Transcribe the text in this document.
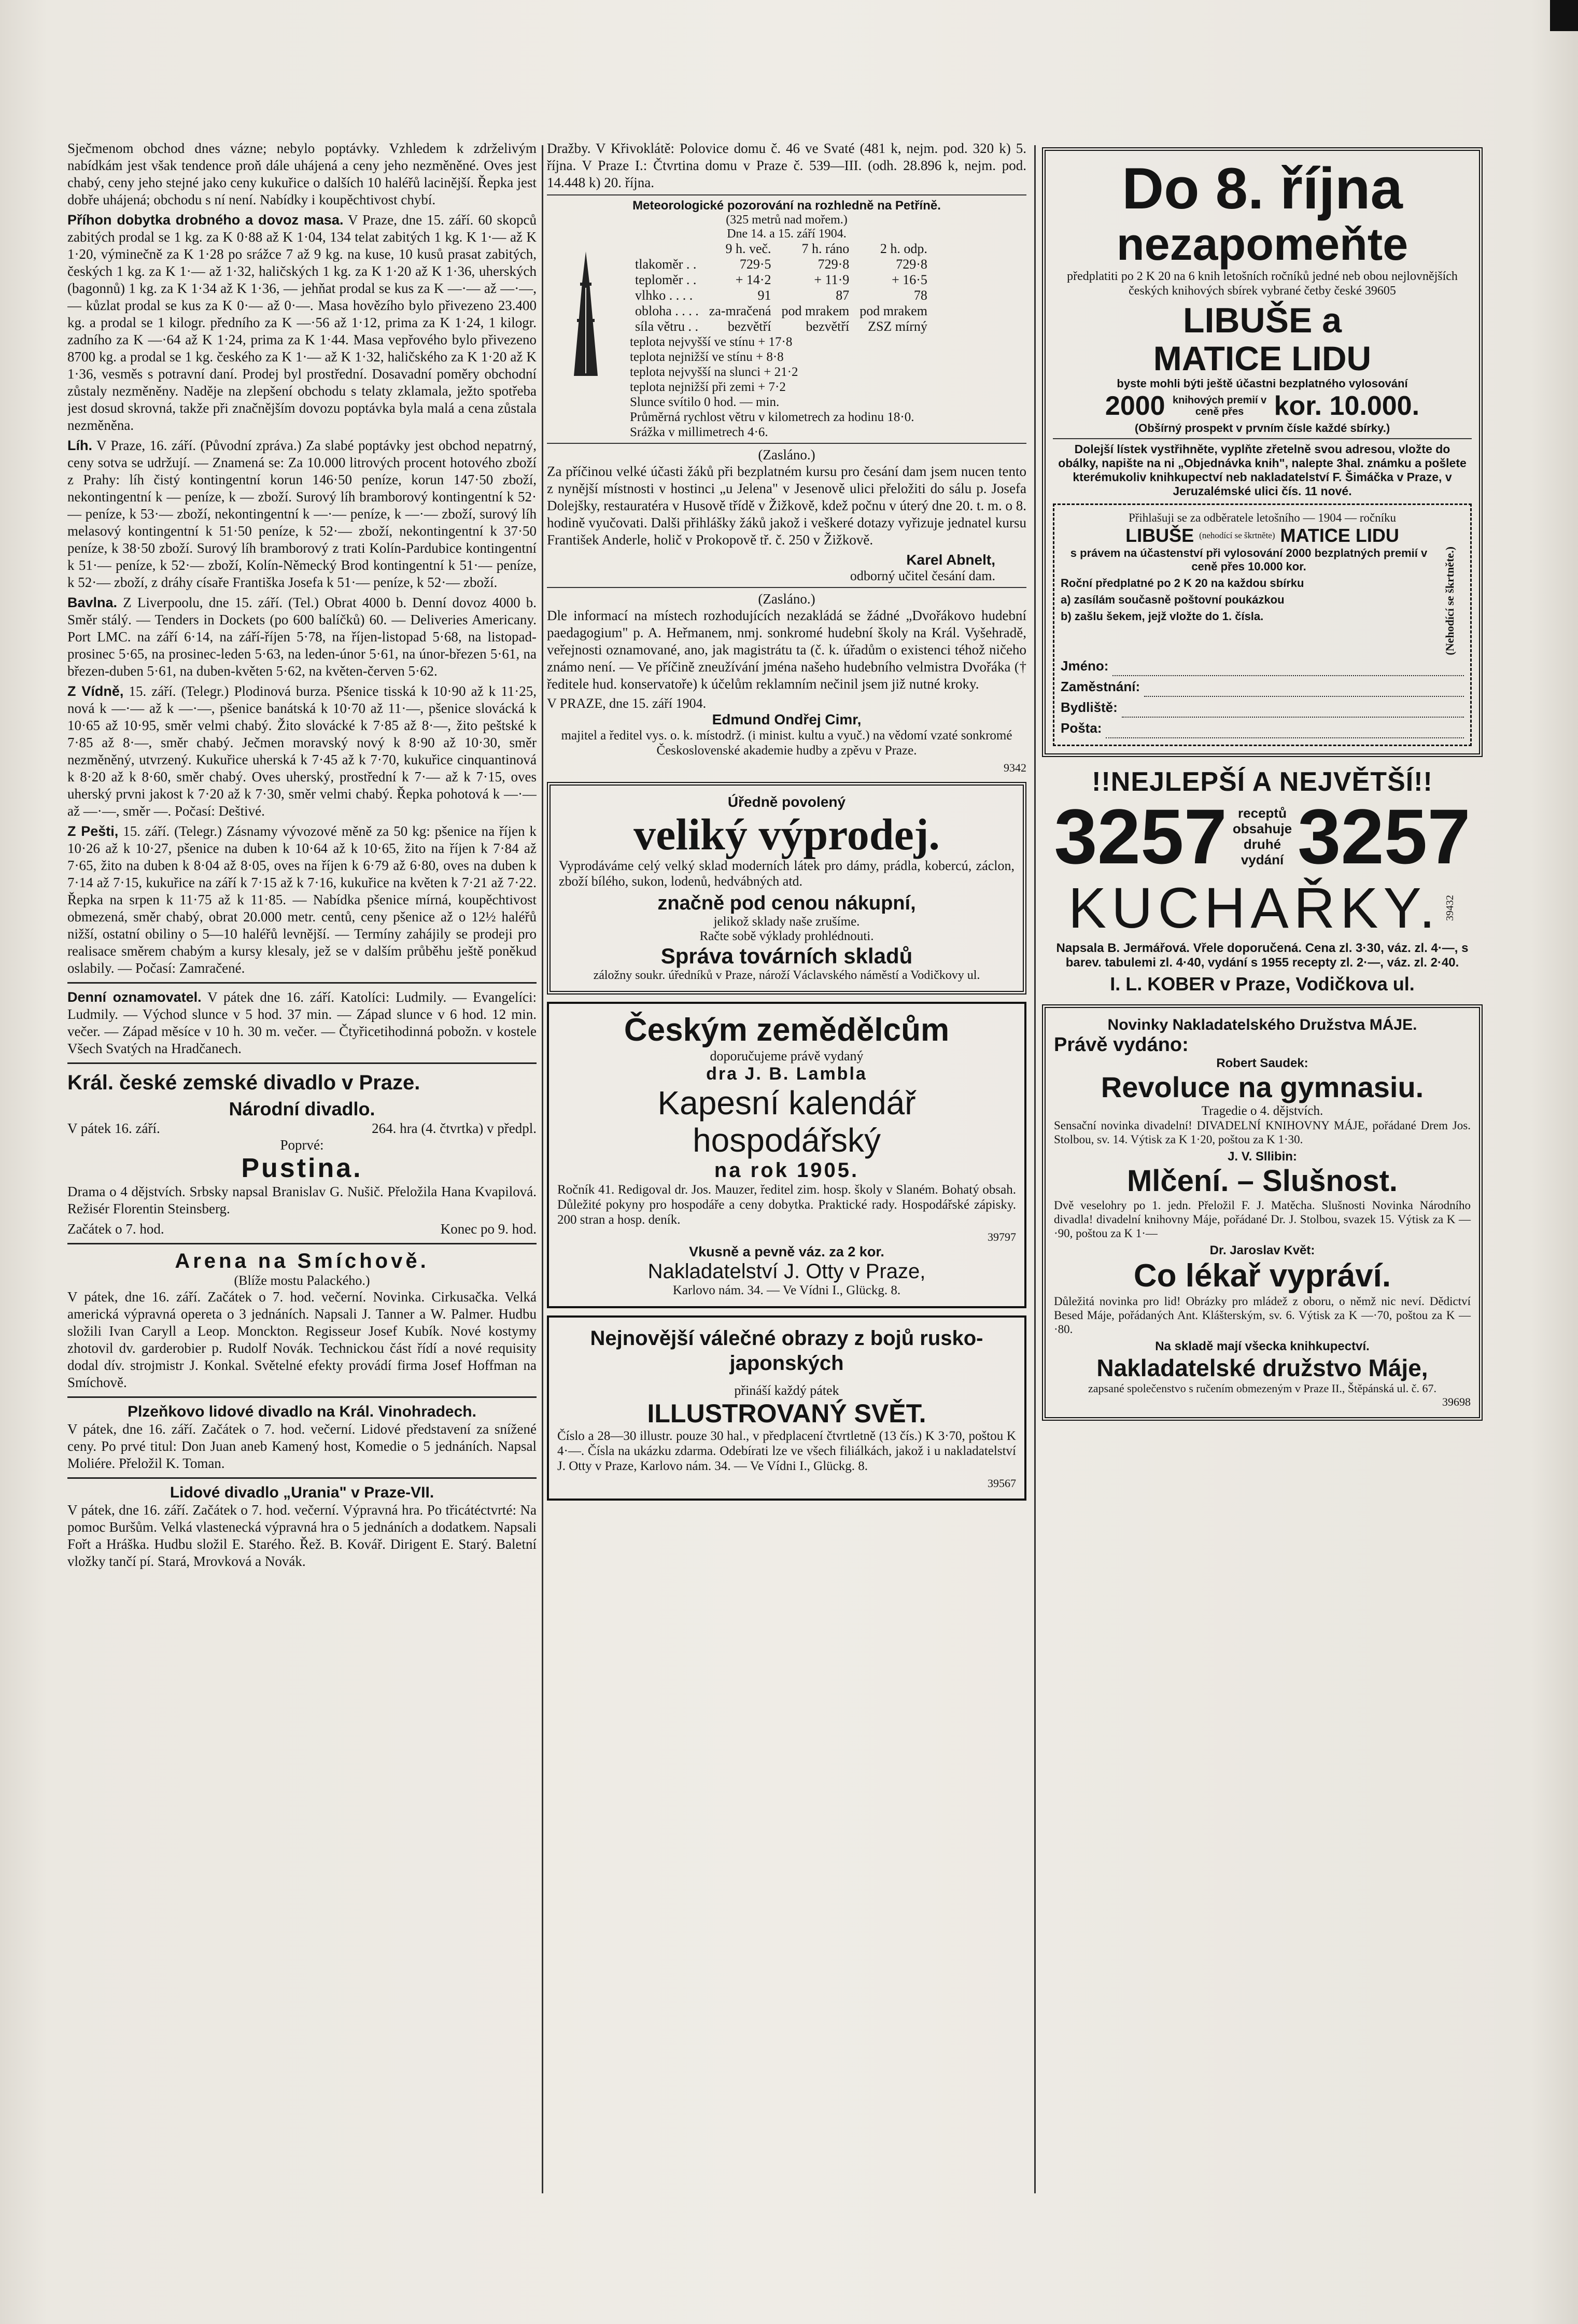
Sječmenom obchod dnes vázne; nebylo poptávky. Vzhledem k zdrželivým nabídkám jest však tendence proň dále uhájená a ceny jeho nezměněné. Oves jest chabý, ceny jeho stejné jako ceny kukuřice o dalších 10 haléřů lacinější. Řepka jest dobře uhájená; obchodu s ní není. Nabídky i koupěchtivost chybí.

Příhon dobytka drobného a dovoz masa. V Praze, dne 15. září. 60 skopců zabitých prodal se 1 kg. za K 0·88 až K 1·04, 134 telat zabitých 1 kg. K 1·— až K 1·20, výminečně za K 1·28 po srážce 7 až 9 kg. na kuse, 10 kusů prasat zabitých, českých 1 kg. za K 1·— až 1·32, haličských 1 kg. za K 1·20 až K 1·36, uherských (bagonnů) 1 kg. za K 1·34 až K 1·36, — jehňat prodal se kus za K —·— až —·—, — kůzlat prodal se kus za K 0·— až 0·—. Masa hovězího bylo přivezeno 23.400 kg. a prodal se 1 kilogr. předního za K —·56 až 1·12, prima za K 1·24, 1 kilogr. zadního za K —·64 až K 1·24, prima za K 1·44. Masa vepřového bylo přivezeno 8700 kg. a prodal se 1 kg. českého za K 1·— až K 1·32, haličského za K 1·20 až K 1·36, vesměs s potravní daní. Prodej byl prostřední. Dosavadní poměry obchodní zůstaly nezměněny. Naděje na zlepšení obchodu s telaty zklamala, ježto spotřeba jest dosud skrovná, takže při značnějším dovozu poptávka byla malá a cena zůstala nezměněna.

Líh. V Praze, 16. září. (Původní zpráva.) Za slabé poptávky jest obchod nepatrný, ceny sotva se udržují. — Znamená se: Za 10.000 litrových procent hotového zboží z Prahy: líh čistý kontingentní korun 146·50 peníze, korun 147·50 zboží, nekontingentní k — peníze, k — zboží. Surový líh bramborový kontingentní k 52·— peníze, k 53·— zboží, nekontingentní k —·— peníze, k —·— zboží, surový líh melasový kontingentní k 51·50 peníze, k 52·— zboží, nekontingentní k 37·50 peníze, k 38·50 zboží. Surový líh bramborový z trati Kolín-Pardubice kontingentní k 51·— peníze, k 52·— zboží, Kolín-Německý Brod kontingentní k 51·— peníze, k 52·— zboží, z dráhy císaře Františka Josefa k 51·— peníze, k 52·— zboží.

Bavlna. Z Liverpoolu, dne 15. září. (Tel.) Obrat 4000 b. Denní dovoz 4000 b. Směr stálý. — Tenders in Dockets (po 600 balíčků) 60. — Deliveries Americany. Port LMC. na září 6·14, na září-říjen 5·78, na říjen-listopad 5·68, na listopad-prosinec 5·65, na prosinec-leden 5·63, na leden-únor 5·61, na únor-březen 5·61, na březen-duben 5·61, na duben-květen 5·62, na květen-červen 5·62.

Z Vídně, 15. září. (Telegr.) Plodinová burza. Pšenice tisská k 10·90 až k 11·25, nová k —·— až k —·—, pšenice banátská k 10·70 až 11·—, pšenice slovácká k 10·65 až 10·95, směr velmi chabý. Žito slovácké k 7·85 až 8·—, žito peštské k 7·85 až 8·—, směr chabý. Ječmen moravský nový k 8·90 až 10·30, směr nezměněný, utvrzený. Kukuřice uherská k 7·45 až k 7·70, kukuřice cinquantinová k 8·20 až k 8·60, směr chabý. Oves uherský, prostřední k 7·— až k 7·15, oves uherský prvni jakost k 7·20 až k 7·30, směr velmi chabý. Řepka pohotová k —·— až —·—, směr —. Počasí: Deštivé.

Z Pešti, 15. září. (Telegr.) Zásnamy vývozové měně za 50 kg: pšenice na říjen k 10·26 až k 10·27, pšenice na duben k 10·64 až k 10·65, žito na říjen k 7·84 až 7·65, žito na duben k 8·04 až 8·05, oves na říjen k 6·79 až 6·80, oves na duben k 7·14 až 7·15, kukuřice na září k 7·15 až k 7·16, kukuřice na květen k 7·21 až 7·22. Řepka na srpen k 11·75 až k 11·85. — Nabídka pšenice mírná, koupěchtivost obmezená, směr chabý, obrat 20.000 metr. centů, ceny pšenice až o 12½ haléřů nižší, ostatní obiliny o 5—10 haléřů levnější. — Termíny zahájily se prodeji pro realisace směrem chabým a kursy klesaly, jež se v dalším průběhu ještě poněkud oslabily. — Počasí: Zamračené.

Denní oznamovatel. V pátek dne 16. září. Katolíci: Ludmily. — Evangelíci: Ludmily. — Východ slunce v 5 hod. 37 min. — Západ slunce v 6 hod. 12 min. večer. — Západ měsíce v 10 h. 30 m. večer. — Čtyřicetihodinná pobožn. v kostele Všech Svatých na Hradčanech.

Král. české zemské divadlo v Praze.
Národní divadlo.
V pátek 16. září.	264. hra (4. čtvrtka) v předpl.
Poprvé:
Pustina.

Drama o 4 dějstvích. Srbsky napsal Branislav G. Nušič. Přeložila Hana Kvapilová. Režisér Florentin Steinsberg.

Začátek o 7. hod.	Konec po 9. hod.
Arena na Smíchově.
(Blíže mostu Palackého.)

V pátek, dne 16. září. Začátek o 7. hod. večerní. Novinka. Cirkusačka. Velká americká výpravná opereta o 3 jednáních. Napsali J. Tanner a W. Palmer. Hudbu složili Ivan Caryll a Leop. Monckton. Regisseur Josef Kubík. Nové kostymy zhotovil dv. garderobier p. Rudolf Novák. Technickou část řídí a nové requisity dodal dív. strojmistr J. Konkal. Světelné efekty provádí firma Josef Hoffman na Smíchově.

Plzeňkovo lidové divadlo na Král. Vinohradech.

V pátek, dne 16. září. Začátek o 7. hod. večerní. Lidové představení za snížené ceny. Po prvé titul: Don Juan aneb Kamený host, Komedie o 5 jednáních. Napsal Moliére. Přeložil K. Toman.

Lidové divadlo „Urania" v Praze-VII.

V pátek, dne 16. září. Začátek o 7. hod. večerní. Výpravná hra. Po třicátéctvrté: Na pomoc Buršům. Velká vlastenecká výpravná hra o 5 jednáních a dodatkem. Napsali Fořt a Hráška. Hudbu složil E. Starého. Řež. B. Kovář. Dirigent E. Starý. Baletní vložky tančí pí. Stará, Mrovková a Novák.

Dražby. V Křivoklátě: Polovice domu č. 46 ve Svaté (481 k, nejm. pod. 320 k) 5. října. V Praze I.: Čtvrtina domu v Praze č. 539—III. (odh. 28.896 k, nejm. pod. 14.448 k) 20. října.

Meteorologické pozorování na rozhledně na Petříně.
(325 metrů nad mořem.)
Dne 14. a 15. září 1904.
	9 h. več.	7 h. ráno	2 h. odp.
tlakoměr . .	729·5	729·8	729·8
teploměr . .	+ 14·2	+ 11·9	+ 16·5
vlhko . . . .	91	87	78
obloha . . . .	za-mračená	pod mrakem	pod mrakem
síla větru . .	bezvětří	bezvětří	ZSZ mírný
teplota nejvyšší ve stínu + 17·8
teplota nejnižší ve stínu + 8·8
teplota nejvyšší na slunci + 21·2
teplota nejnižší při zemi + 7·2
Slunce svítilo 0 hod. — min.
Průměrná rychlost větru v kilometrech za hodinu 18·0.
Srážka v millimetrech 4·6.
(Zasláno.)

Za příčinou velké účasti žáků při bezplatném kursu pro česání dam jsem nucen tento z nynější místnosti v hostinci „u Jelena" v Jesenově ulici přeložiti do sálu p. Josefa Dolejšky, restauratéra v Husově třídě v Žižkově, kdež počnu v úterý dne 20. t. m. o 8. hodině vyučovati. Dalši přihlášky žáků jakož i veškeré dotazy vyřizuje jednatel kursu František Anderle, holič v Prokopově tř. č. 250 v Žižkově.

Karel Abnelt,
odborný učitel česání dam.
(Zasláno.)

Dle informací na místech rozhodujících nezakládá se žádné „Dvořákovo hudební paedagogium" p. A. Heřmanem, nmj. sonkromé hudební školy na Král. Vyšehradě, veřejnosti oznamované, ano, jak magistrátu ta (č. k. úřadům o existenci téhož ničeho známo není. — Ve příčině zneužívání jména našeho hudebního velmistra Dvořáka († ředitele hud. konservatoře) k účelům reklamním nečinil jsem již nutné kroky.

V PRAZE, dne 15. září 1904.
Edmund Ondřej Cimr,

majitel a ředitel vys. o. k. místodrž. (i minist. kultu a vyuč.) na vědomí vzaté sonkromé Československé akademie hudby a zpěvu v Praze.

9342
Úředně povolený
veliký výprodej.

Vyprodáváme celý velký sklad moderních látek pro dámy, prádla, kobercú, záclon, zboží bílého, sukon, lodenů, hedvábných atd.

značně pod cenou nákupní,
jelikož sklady naše zrušíme.
Račte sobě výklady prohlédnouti.
Správa továrních skladů
záložny soukr. úředníků v Praze, nároží Václavského náměstí a Vodičkovy ul.
Českým zemědělcům
doporučujeme právě vydaný
dra J. B. Lambla
Kapesní kalendář
hospodářský
na rok 1905.

Ročník 41. Redigoval dr. Jos. Mauzer, ředitel zim. hosp. školy v Slaném. Bohatý obsah. Důležité pokyny pro hospodáře a ceny dobytka. Praktické rady. Hospodářské zápisky. 200 stran a hosp. deník.

39797
Vkusně a pevně váz. za 2 kor.
Nakladatelství J. Otty v Praze,
Karlovo nám. 34. — Ve Vídni I., Glückg. 8.
Nejnovější válečné obrazy z bojů rusko-japonských
přináší každý pátek
ILLUSTROVANÝ SVĚT.

Číslo a 28—30 illustr. pouze 30 hal., v předplacení čtvrtletně (13 čís.) K 3·70, poštou K 4·—. Čísla na ukázku zdarma. Odebírati lze ve všech filiálkách, jakož i u nakladatelství J. Otty v Praze, Karlovo nám. 34. — Ve Vídni I., Glückg. 8.

39567
Do 8. října
nezapomeňte

předplatiti po 2 K 20 na 6 knih letošních ročníků jedné neb obou nejlovnějších českých knihových sbírek vybrané četby české 39605

LIBUŠE a
MATICE LIDU
byste mohli býti ještě účastni bezplatného vylosování
2000 knihových premií v ceně přes	kor. 10.000.
(Obšírný prospekt v prvním čísle každé sbírky.)

Dolejší lístek vystřihněte, vyplňte zřetelně svou adresou, vložte do obálky, napište na ni „Objednávka knih", nalepte 3hal. známku a pošlete kterémukoliv knihkupectví neb nakladatelství F. Šimáčka v Praze, v Jeruzalémské ulici čís. 11 nové.

Přihlašuji se za odběratele letošního — 1904 — ročníku
LIBUŠE (nehodící se škrtněte) MATICE LIDU

s právem na účastenství při vylosování 2000 bezplatných premií v ceně přes 10.000 kor.

Roční předplatné po 2 K 20 na každou sbírku

a) zasílám současně poštovní poukázkou

b) zašlu šekem, jejž vložte do 1. čísla.	(Nehodící se škrtněte.)
Jméno:
Zaměstnání:
Bydliště:
Pošta:
!!NEJLEPŠÍ A NEJVĚTŠÍ!!
3257 receptů obsahuje druhé vydání 3257
KUCHAŘKY. 39432

Napsala B. Jermářová. Vřele doporučená. Cena zl. 3·30, váz. zl. 4·—, s barev. tabulemi zl. 4·40, vydání s 1955 recepty zl. 2·—, váz. zl. 2·40.

I. L. KOBER v Praze, Vodičkova ul.
Novinky Nakladatelského Družstva MÁJE.
Právě vydáno:
Robert Saudek:
Revoluce na gymnasiu.
Tragedie o 4. dějstvích.

Sensační novinka divadelní! DIVADELNÍ KNIHOVNY MÁJE, pořádané Drem Jos. Stolbou, sv. 14. Výtisk za K 1·20, poštou za K 1·30.

J. V. Sllibin:
Mlčení. – Slušnost.

Dvě veselohry po 1. jedn. Přeložil F. J. Matěcha. Slušnosti Novinka Národního divadla! divadelní knihovny Máje, pořádané Dr. J. Stolbou, svazek 15. Výtisk za K —·90, poštou za K 1·—

Dr. Jaroslav Květ:
Co lékař vypráví.

Důležitá novinka pro lid! Obrázky pro mládež z oboru, o němž nic neví. Dědictví Besed Máje, pořádaných Ant. Klášterským, sv. 6. Výtisk za K —·70, poštou za K —·80.

Na skladě mají všecka knihkupectví.
Nakladatelské družstvo Máje,
zapsané společenstvo s ručením obmezeným v Praze II., Štěpánská ul. č. 67.
39698
